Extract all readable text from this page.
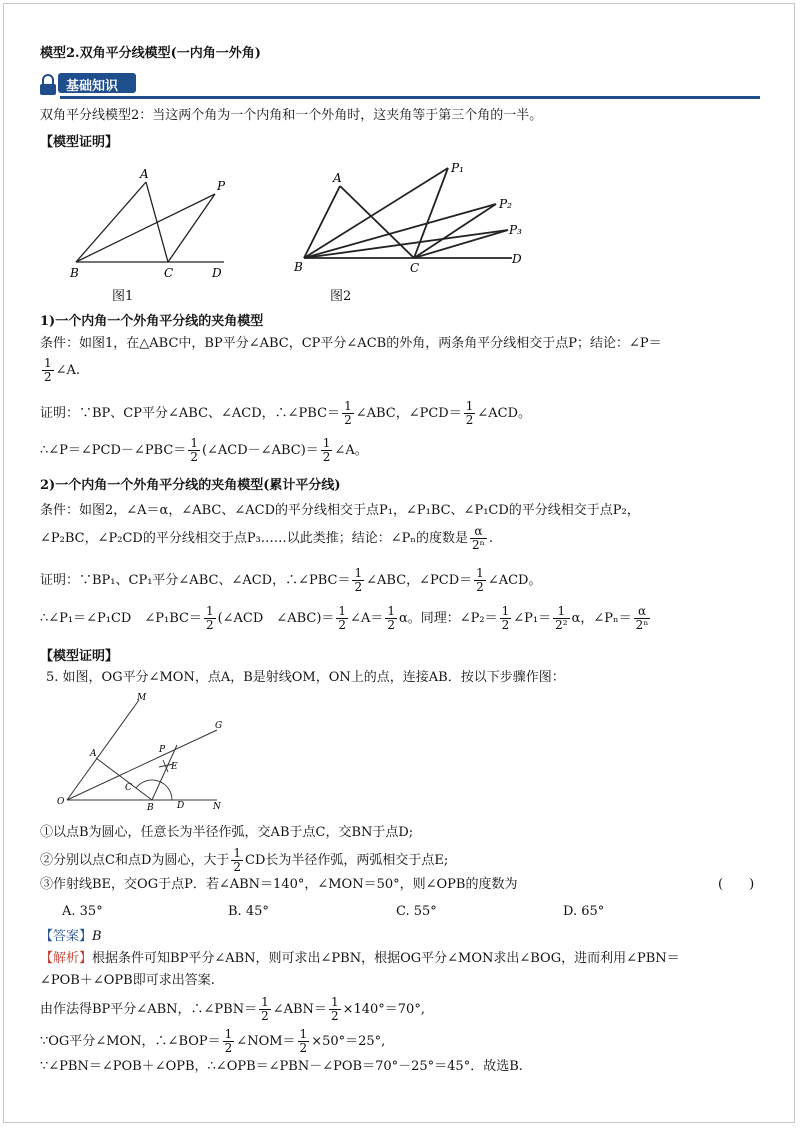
模型2.双角平分线模型(一内角一外角)
基础知识
双角平分线模型2：当这两个角为一个内角和一个外角时，这夹角等于第三个角的一半。
【模型证明】
A
P
B	C	D
图1
A
P₁
P₂
P₃
B	C
D
图2
1)一个内角一个外角平分线的夹角模型
条件：如图1，在△ABC中，BP平分∠ABC，CP平分∠ACB的外角，两条角平分线相交于点P；结论：∠P＝
$\frac{1}{2}$ ∠A.
证明：∵BP、CP平分∠ABC、∠ACD，∴∠PBC＝ $\frac{1}{2}$ ∠ABC，∠PCD＝ $\frac{1}{2}$ ∠ACD。
∴∠P＝∠PCD－∠PBC＝ $\frac{1}{2}$ (∠ACD－∠ABC)＝ $\frac{1}{2}$ ∠A。
2)一个内角一个外角平分线的夹角模型(累计平分线)
条件：如图2，∠A＝α，∠ABC、∠ACD的平分线相交于点P₁，∠P₁BC、∠P₁CD的平分线相交于点P₂，
∠P₂BC，∠P₂CD的平分线相交于点P₃……以此类推；结论：∠Pₙ的度数是 $\frac{\alpha}{\text{2ⁿ}}$ .
证明：∵BP₁、CP₁平分∠ABC、∠ACD，∴∠PBC＝ $\frac{1}{2}$ ∠ABC，∠PCD＝ $\frac{1}{2}$ ∠ACD。
∴∠P₁＝∠P₁CD　∠P₁BC＝ $\frac{1}{2}$ (∠ACD　∠ABC)＝ $\frac{1}{2}$ ∠A＝ $\frac{1}{2}$ α。同理：∠P₂＝ $\frac{1}{2}$ ∠P₁＝ $\frac{1}{\text{2²}}$ α，∠Pₙ＝ $\frac{\alpha}{\text{2ⁿ}}$
【模型证明】
5. 如图，OG平分∠MON，点A，B是射线OM，ON上的点，连接AB．按以下步骤作图：
O
M
G
N
A
C
B	D
P
E
①以点B为圆心，任意长为半径作弧，交AB于点C，交BN于点D;
②分别以点C和点D为圆心，大于 $\frac{1}{2}$ CD长为半径作弧，两弧相交于点E;
③作射线BE，交OG于点P．若∠ABN＝140°，∠MON＝50°，则∠OPB的度数为	(　　)
A. 35°	B. 45°	C. 55°	D. 65°
【答案】B
【解析】根据条件可知BP平分∠ABN，则可求出∠PBN，根据OG平分∠MON求出∠BOG，进而利用∠PBN＝
∠POB＋∠OPB即可求出答案.
由作法得BP平分∠ABN，∴∠PBN＝ $\frac{1}{2}$ ∠ABN＝ $\frac{1}{2} \times 140^\circ=70^\circ$,
∵OG平分∠MON，∴∠BOP＝ $\frac{1}{2}$ ∠NOM＝ $\frac{1}{2} \times 50^\circ=25^\circ$,
∵∠PBN＝∠POB＋∠OPB，∴∠OPB＝∠PBN－∠POB＝70°－25°＝45°．故选B.
